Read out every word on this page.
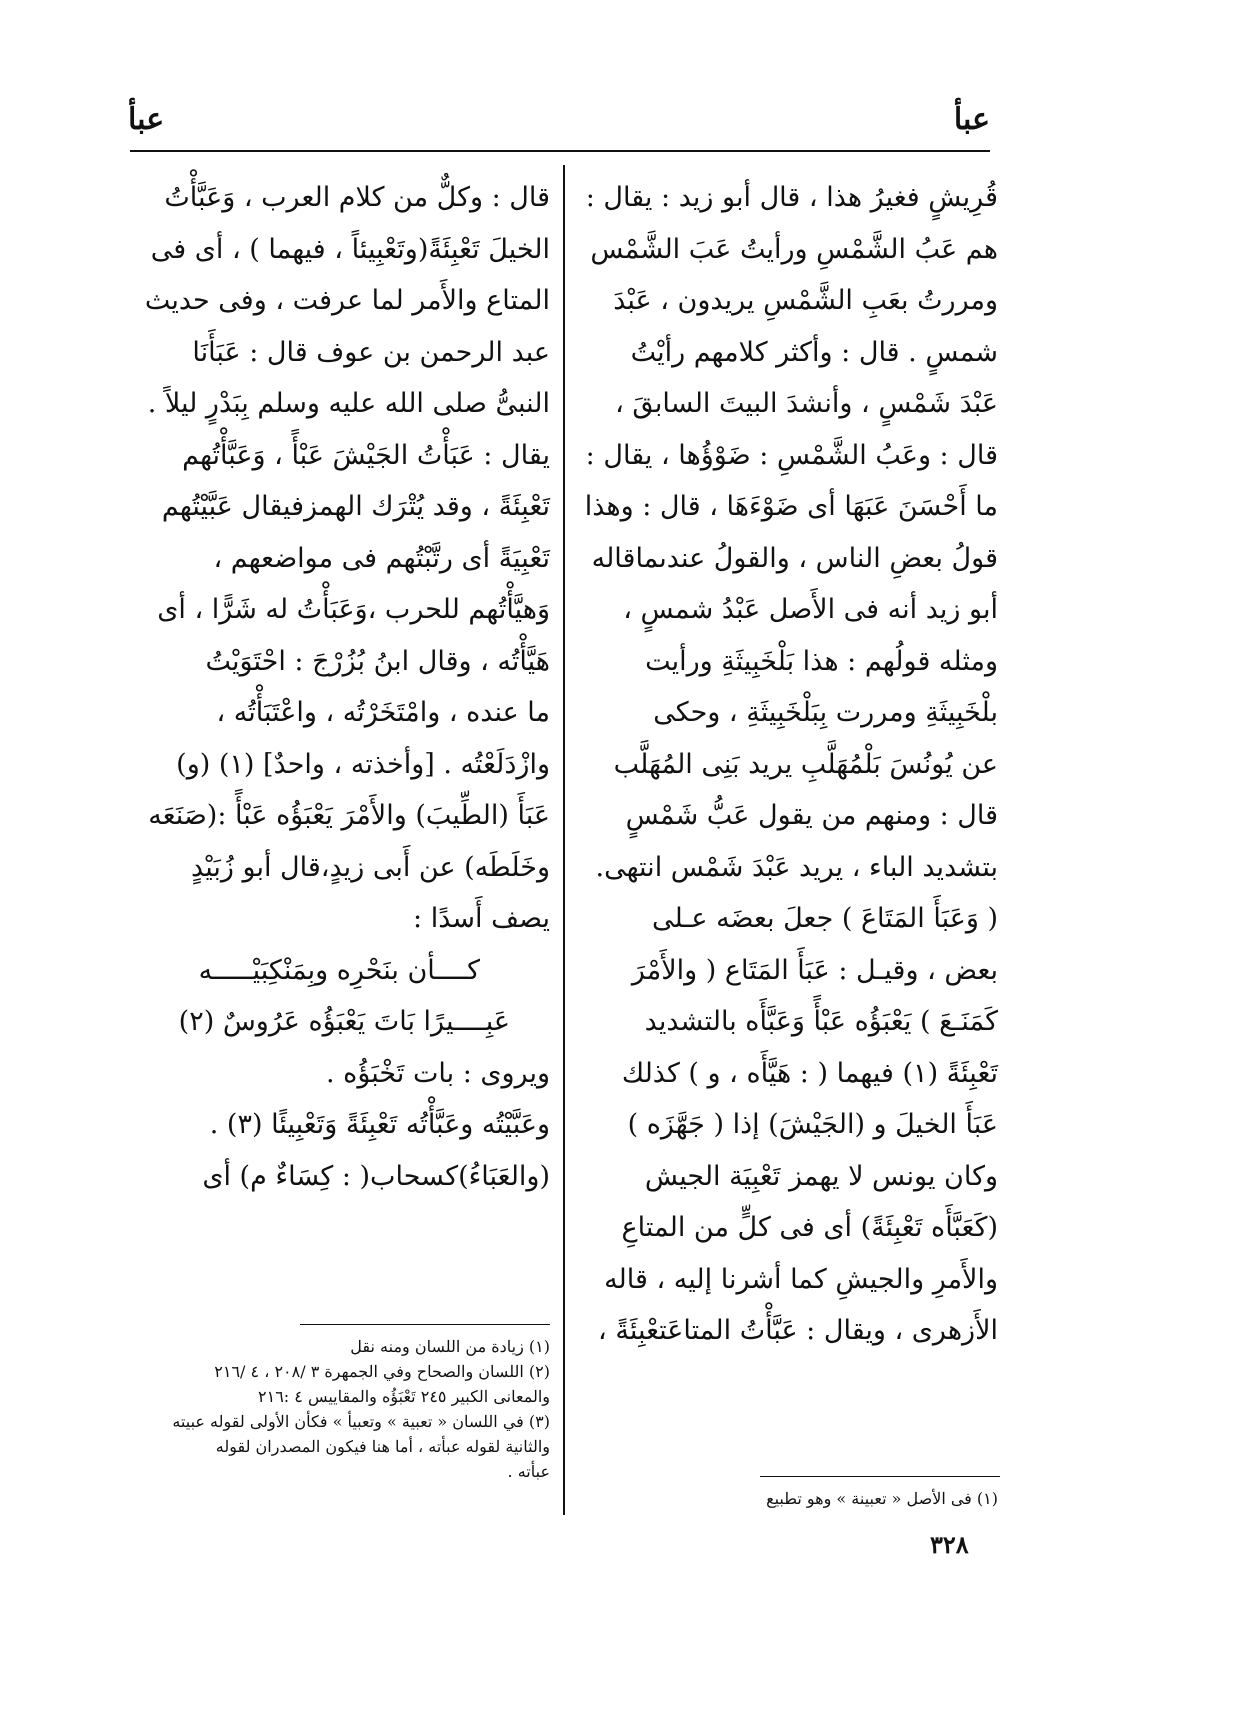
عبأ
عبأ

قُرِيشٍ فغيرُ هذا ، قال أبو زيد : يقال :

هم عَبُ الشَّمْسِ ورأيتُ عَبَ الشَّمْس

ومررتُ بعَبِ الشَّمْسِ يريدون ، عَبْدَ

شمسٍ . قال : وأكثر كلامهم رأيْتُ

عَبْدَ شَمْسٍ ، وأنشدَ البيتَ السابقَ ،

قال : وعَبُ الشَّمْسِ : ضَوْؤُها ، يقال :

ما أَحْسَنَ عَبَهَا أى ضَوْءَهَا ، قال : وهذا

قولُ بعضِ الناس ، والقولُ عندىماقاله

أبو زيد أنه فى الأَصل عَبْدُ شمسٍ ،

ومثله قولُهم : هذا بَلْخَبِيثَةِ ورأيت

بلْخَبِيثَةِ ومررت بِبَلْخَبِيثَةِ ، وحكى

عن يُونُسَ بَلْمُهَلَّبِ يريد بَنِى المُهَلَّب

قال : ومنهم من يقول عَبُّ شَمْسٍ

بتشديد الباء ، يريد عَبْدَ شَمْس انتهى.

( وَعَبَأَ المَتَاعَ ) جعلَ بعضَه عـلى

بعض ، وقيـل : عَبَأَ المَتَاع ( والأَمْرَ

كَمَنَـعَ ) يَعْبَؤُه عَبْأً وَعَبَّأَه بالتشديد

تَعْبِئَةً (١) فيهما ( : هَيَّأَه ، و ) كذلك

عَبَأَ الخيلَ و (الجَيْشَ) إذا ( جَهَّزَه )

وكان يونس لا يهمز تَعْبِيَة الجيش

(كَعَبَّأَه تَعْبِئَةً) أى فى كلٍّ من المتاعِ

والأَمرِ والجيشِ كما أشرنا إليه ، قاله

الأَزهرى ، ويقال : عَبَّأْتُ المتاعَتعْبِئَةً ،

قال : وكلٌّ من كلام العرب ، وَعَبَّأْتُ

الخيلَ تَعْبِئَةً(وتَعْبِيئاً ، فيهما ) ، أى فى

المتاع والأَمر لما عرفت ، وفى حديث

عبد الرحمن بن عوف قال : عَبَأَنَا

النبىُّ صلى الله عليه وسلم بِبَدْرٍ ليلاً .

يقال : عَبَأْتُ الجَيْشَ عَبْأً ، وَعَبَّأْتُهم

تَعْبِئَةً ، وقد يُتْرَك الهمزفيقال عَبَّيْتُهم

تَعْبِيَةً أى رتَّبْتُهم فى مواضعهم ،

وَهيَّأْتُهم للحرب ،وَعَبَأْتُ له شَرًّا ، أى

هَيَّأْتُه ، وقال ابنُ بُزُرْجَ : احْتَوَيْتُ

ما عنده ، وامْتَخَرْتُه ، واعْتَبَأْتُه ،

وازْدَلَعْتُه . [وأخذته ، واحدٌ] (١) (و)

عَبَأَ (الطِّيبَ) والأَمْرَ يَعْبَؤُه عَبْأً :(صَنَعَه

وخَلَطَه) عن أَبى زيدٍ،قال أبو زُبَيْدٍ

يصف أَسدًا :

كــــأن بنَحْرِه وبِمَنْكِبَيْـــــه

عَبِــــيرًا بَاتَ يَعْبَؤُه عَرُوسٌ (٢)

ويروى : بات تَخْبَؤُه .

وعَبَّيْتُه وعَبَّأْتُه تَعْبِئَةً وَتَعْبِيئًا (٣) .

(والعَبَاءُ)كسحاب( : كِسَاءٌ م) أى

(١) زيادة من اللسان ومنه نقل
(٢) اللسان والصحاح وفي الجمهرة ٣ /٢٠٨ ، ٤ /٢١٦
والمعانى الكبير ٢٤٥ تَعْبَؤُه والمقاييس ٤ :٢١٦
(٣) في اللسان « تعبية » وتعبيأ » فكأن الأولى لقوله عبيته
والثانية لقوله عبأته ، أما هنا فيكون المصدران لقوله
عبأته .
(١) فى الأصل « تعبينة » وهو تطبيع
٣٢٨
